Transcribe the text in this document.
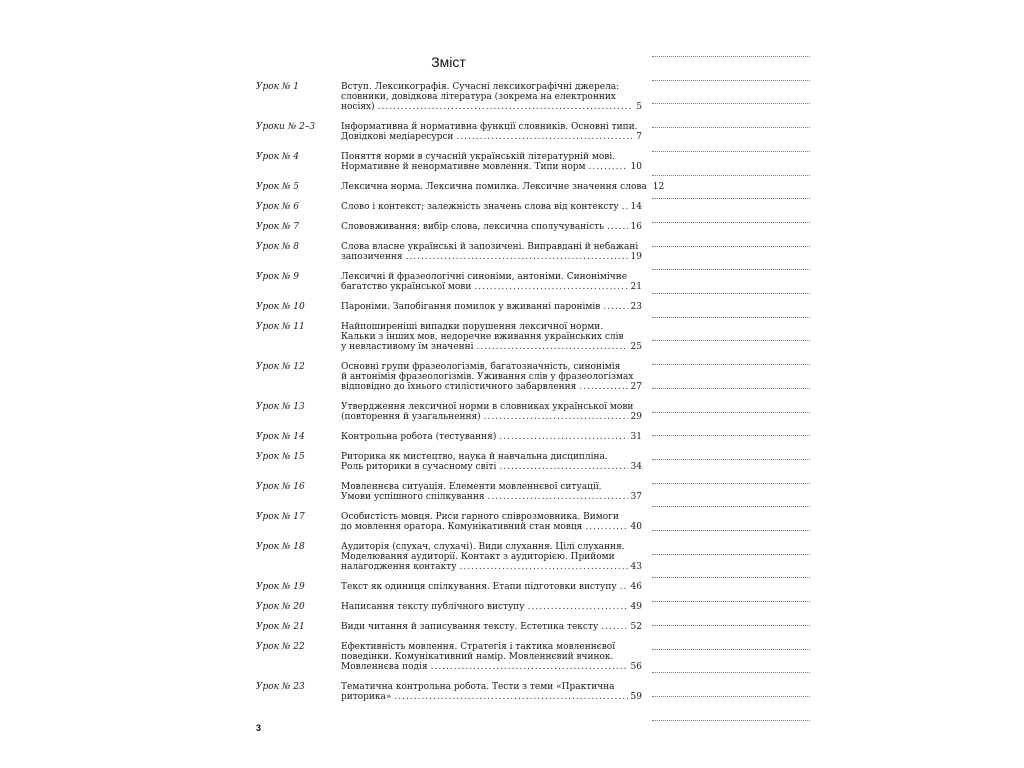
Зміст
Урок № 1	Вступ. Лексикографія. Сучасні лексикографічні джерела:
словники, довідкова література (зокрема на електронних
носіях) .....	5
Уроки № 2–3	Інформативна й нормативна функції словників. Основні типи.
Довідкові медіаресурси .....	7
Урок № 4	Поняття норми в сучасній українській літературній мові.
Нормативне й ненормативне мовлення. Типи норм .....	10
Урок № 5	Лексична норма. Лексична помилка. Лексичне значення слова 12
Урок № 6	Слово і контекст; залежність значень слова від контексту ..... 14
Урок № 7	Слововживання: вибір слова, лексична сполучуваність .....	16
Урок № 8	Слова власне українські й запозичені. Виправдані й небажані
запозичення .....	19
Урок № 9	Лексичні й фразеологічні синоніми, антоніми. Синонімічне
багатство української мови .....	21
Урок № 10	Пароніми. Запобігання помилок у вживанні паронімів .....	23
Урок № 11	Найпоширеніші випадки порушення лексичної норми.
Кальки з інших мов, недоречне вживання українських слів
у невластивому їм значенні .....	25
Урок № 12	Основні групи фразеологізмів, багатозначність, синонімія
й антонімія фразеологізмів. Уживання слів у фразеологізмах
відповідно до їхнього стилістичного забарвлення .....	27
Урок № 13	Утвердження лексичної норми в словниках української мови
(повторення й узагальнення) .....	29
Урок № 14	Контрольна робота (тестування) .....	31
Урок № 15	Риторика як мистецтво, наука й навчальна дисципліна.
Роль риторики в сучасному світі .....	34
Урок № 16	Мовленнєва ситуація. Елементи мовленнєвої ситуації.
Умови успішного спілкування .....	37
Урок № 17	Особистість мовця. Риси гарного співрозмовника. Вимоги
до мовлення оратора. Комунікативний стан мовця .....	40
Урок № 18	Аудиторія (слухач, слухачі). Види слухання. Цілі слухання.
Моделювання аудиторії. Контакт з аудиторією. Прийоми
налагодження контакту .....	43
Урок № 19	Текст як одиниця спілкування. Етапи підготовки виступу ..... 46
Урок № 20	Написання тексту публічного виступу .....	49
Урок № 21	Види читання й записування тексту. Естетика тексту .....	52
Урок № 22	Ефективність мовлення. Стратегія і тактика мовленнєвої
поведінки. Комунікативний намір. Мовленнєвий вчинок.
Мовленнєва подія .....	56
Урок № 23	Тематична контрольна робота. Тести з теми «Практична
риторика» .....	59
3
